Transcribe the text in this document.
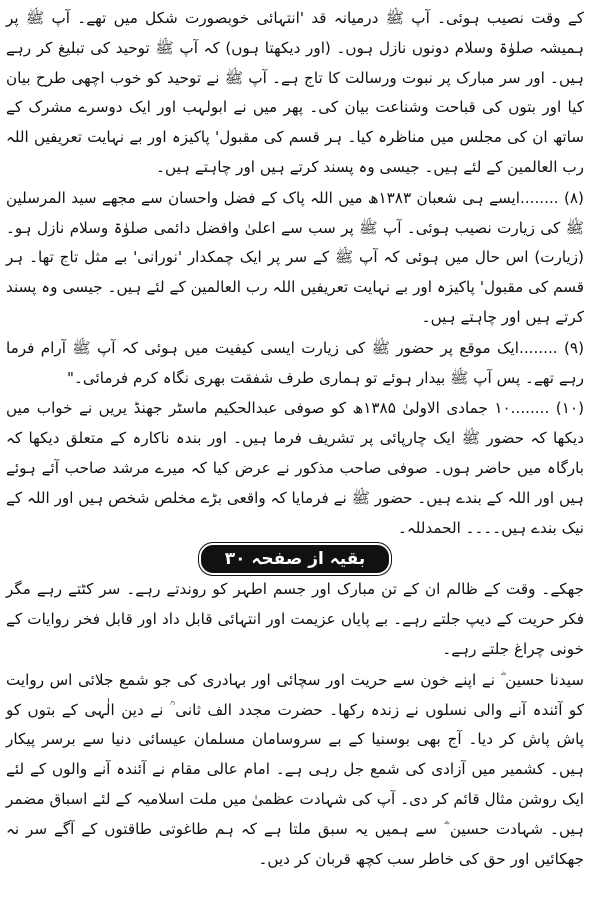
کے وقت نصیب ہوئی۔ آپ ﷺ درمیانہ قد 'انتہائی خوبصورت شکل میں تھے۔ آپ ﷺ پر ہمیشہ صلوٰۃ وسلام دونوں نازل ہوں۔ (اور دیکھتا ہوں) کہ آپ ﷺ توحید کی تبلیغ کر رہے ہیں۔ اور سر مبارک پر نبوت ورسالت کا تاج ہے۔ آپ ﷺ نے توحید کو خوب اچھی طرح بیان کیا اور بتوں کی قباحت وشناعت بیان کی۔ پھر میں نے ابولہب اور ایک دوسرے مشرک کے ساتھ ان کی مجلس میں مناظرہ کیا۔ ہر قسم کی مقبول' پاکیزہ اور بے نہایت تعریفیں اللہ رب العالمین کے لئے ہیں۔ جیسی وہ پسند کرتے ہیں اور چاہتے ہیں۔

(۸) ........ایسے ہی شعبان ۱۳۸۳ھ میں اللہ پاک کے فضل واحسان سے مجھے سید المرسلین ﷺ کی زیارت نصیب ہوئی۔ آپ ﷺ پر سب سے اعلیٰ وافضل دائمی صلوٰۃ وسلام نازل ہو۔ (زیارت) اس حال میں ہوئی کہ آپ ﷺ کے سر پر ایک چمکدار 'نورانی' بے مثل تاج تھا۔ ہر قسم کی مقبول' پاکیزہ اور بے نہایت تعریفیں اللہ رب العالمین کے لئے ہیں۔ جیسی وہ پسند کرتے ہیں اور چاہتے ہیں۔

(۹) ........ایک موقع پر حضور ﷺ کی زیارت ایسی کیفیت میں ہوئی کہ آپ ﷺ آرام فرما رہے تھے۔ پس آپ ﷺ بیدار ہوئے تو ہماری طرف شفقت بھری نگاہ کرم فرمائی۔"

(۱۰) ........۱۰ جمادی الاولیٰ ۱۳۸۵ھ کو صوفی عبدالحکیم ماسٹر جھنڈ یریں نے خواب میں دیکھا کہ حضور ﷺ ایک چارپائی پر تشریف فرما ہیں۔ اور بندہ ناکارہ کے متعلق دیکھا کہ بارگاہ میں حاضر ہوں۔ صوفی صاحب مذکور نے عرض کیا کہ میرے مرشد صاحب آئے ہوئے ہیں اور اللہ کے بندے ہیں۔ حضور ﷺ نے فرمایا کہ واقعی بڑے مخلص شخص ہیں اور اللہ کے نیک بندے ہیں۔۔۔۔ الحمدللہ۔

بقیہ از صفحہ ۳۰

جھکے۔ وقت کے ظالم ان کے تن مبارک اور جسم اطہر کو روندتے رہے۔ سر کٹتے رہے مگر فکر حریت کے دیپ جلتے رہے۔ بے پایاں عزیمت اور انتہائی قابل داد اور قابل فخر روایات کے خونی چراغ جلتے رہے۔

سیدنا حسین ؓ نے اپنے خون سے حریت اور سچائی اور بہادری کی جو شمع جلائی اس روایت کو آئندہ آنے والی نسلوں نے زندہ رکھا۔ حضرت مجدد الف ثانی ؒ نے دین الٰہی کے بتوں کو پاش پاش کر دیا۔ آج بھی بوسنیا کے بے سروسامان مسلمان عیسائی دنیا سے برسر پیکار ہیں۔ کشمیر میں آزادی کی شمع جل رہی ہے۔ امام عالی مقام نے آئندہ آنے والوں کے لئے ایک روشن مثال قائم کر دی۔ آپ کی شہادت عظمیٰ میں ملت اسلامیہ کے لئے اسباق مضمر ہیں۔ شہادت حسین ؓ سے ہمیں یہ سبق ملتا ہے کہ ہم طاغوتی طاقتوں کے آگے سر نہ جھکائیں اور حق کی خاطر سب کچھ قربان کر دیں۔
